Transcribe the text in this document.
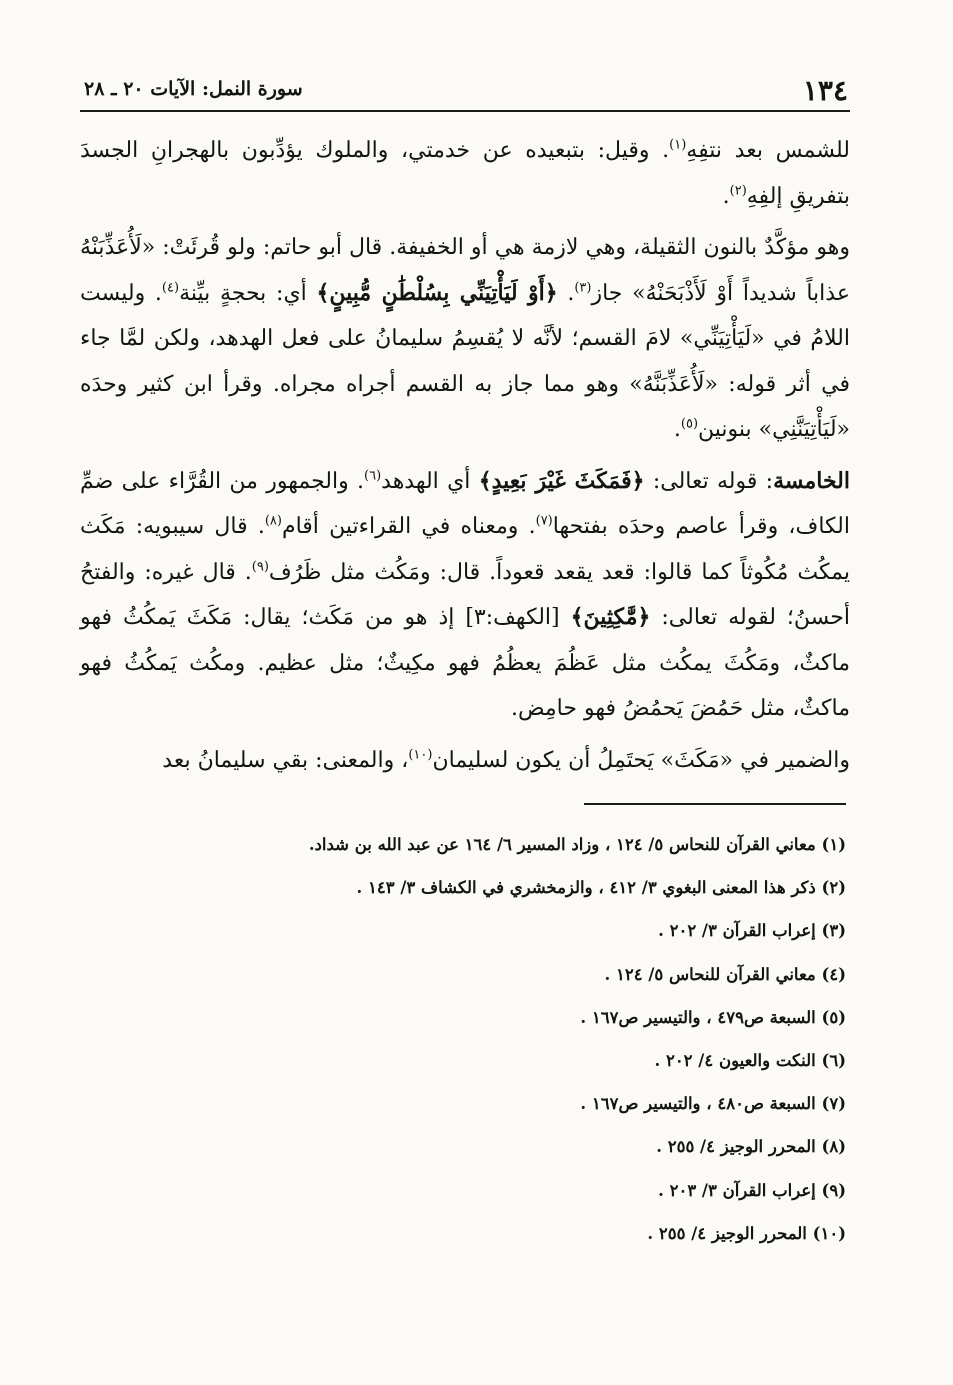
١٣٤
سورة النمل: الآيات ٢٠ ـ ٢٨

للشمس بعد نتفِهِ$^{(١)}$. وقيل: بتبعيده عن خدمتي، والملوك يؤدِّبون بالهجرانِ الجسدَ بتفريقِ إلفِهِ$^{(٢)}$.

وهو مؤكَّدٌ بالنون الثقيلة، وهي لازمة هي أو الخفيفة. قال أبو حاتم: ولو قُرئَتْ: «لَأُعَذِّبَنْهُ عذاباً شديداً أَوْ لَأَذْبَحَنْهُ» جاز$^{(٣)}$. ﴿أَوْ لَيَأْتِيَنِّي بِسُلْطَٰنٍ مُّبِينٍ﴾ أي: بحجةٍ بيِّنة$^{(٤)}$. وليست اللامُ في «لَيَأْتِيَنِّي» لامَ القسم؛ لأنَّه لا يُقسِمُ سليمانُ على فعل الهدهد، ولكن لمَّا جاء في أثر قوله: «لَأُعَذِّبَنَّهُ» وهو مما جاز به القسم أجراه مجراه. وقرأ ابن كثير وحدَه «لَيَأْتِيَنَّنِي» بنونين$^{(٥)}$.

الخامسة: قوله تعالى: ﴿فَمَكَثَ غَيْرَ بَعِيدٍ﴾ أي الهدهد$^{(٦)}$. والجمهور من القُرَّاء على ضمِّ الكاف، وقرأ عاصم وحدَه بفتحها$^{(٧)}$. ومعناه في القراءتين أقام$^{(٨)}$. قال سيبويه: مَكَث يمكُث مُكُوثاً كما قالوا: قعد يقعد قعوداً. قال: ومَكُث مثل ظَرُف$^{(٩)}$. قال غيره: والفتحُ أحسنُ؛ لقوله تعالى: ﴿مَّٰكِثِينَ﴾ [الكهف:٣] إذ هو من مَكَث؛ يقال: مَكَثَ يَمكُثُ فهو ماكثٌ، ومَكُثَ يمكُث مثل عَظُمَ يعظُمُ فهو مكِيثٌ؛ مثل عظيم. ومكُث يَمكُثُ فهو ماكثٌ، مثل حَمُضَ يَحمُضُ فهو حامِض.

والضمير في «مَكَثَ» يَحتَمِلُ أن يكون لسليمان$^{(١٠)}$، والمعنى: بقي سليمانُ بعد

(١) معاني القرآن للنحاس ٥/ ١٢٤ ، وزاد المسير ٦/ ١٦٤ عن عبد الله بن شداد.
(٢) ذكر هذا المعنى البغوي ٣/ ٤١٢ ، والزمخشري في الكشاف ٣/ ١٤٣ .
(٣) إعراب القرآن ٣/ ٢٠٢ .
(٤) معاني القرآن للنحاس ٥/ ١٢٤ .
(٥) السبعة ص٤٧٩ ، والتيسير ص١٦٧ .
(٦) النكت والعيون ٤/ ٢٠٢ .
(٧) السبعة ص٤٨٠ ، والتيسير ص١٦٧ .
(٨) المحرر الوجيز ٤/ ٢٥٥ .
(٩) إعراب القرآن ٣/ ٢٠٣ .
(١٠) المحرر الوجيز ٤/ ٢٥٥ .
